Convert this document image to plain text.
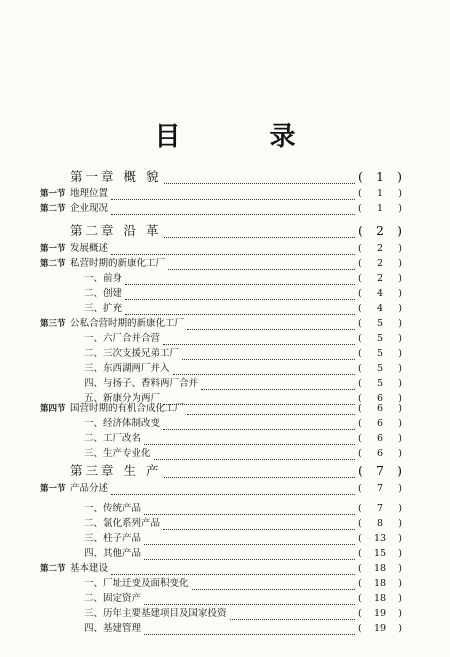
目 录
第一章 概 貌	(	1	)
第一节 地理位置	(	1	)
第二节 企业现况	(	1	)
第二章 沿 革	(	2	)
第一节 发展概述	(	2	)
第二节 私营时期的新康化工厂	(	2	)
一、前身	(	2	)
二、创建	(	4	)
三、扩充	(	4	)
第三节 公私合营时期的新康化工厂	(	5	)
一、六厂合并合营	(	5	)
二、三次支援兄弟工厂	(	5	)
三、东西湖两厂并入	(	5	)
四、与扬子、香料两厂合并	(	5	)
五、新康分为两厂	(	6	)
第四节 国营时期的有机合成化工厂	(	6	)
一、经济体制改变	(	6	)
二、工厂改名	(	6	)
三、生产专业化	(	6	)
第三章 生 产	(	7	)
第一节 产品分述	(	7	)
一、传统产品	(	7	)
二、氯化系列产品	(	8	)
三、柱子产品	(	13	)
四、其他产品	(	15	)
第二节 基本建设	(	18	)
一、厂址迁变及面积变化	(	18	)
二、固定资产	(	18	)
三、历年主要基建项目及国家投资	(	19	)
四、基建管理	(	19	)
